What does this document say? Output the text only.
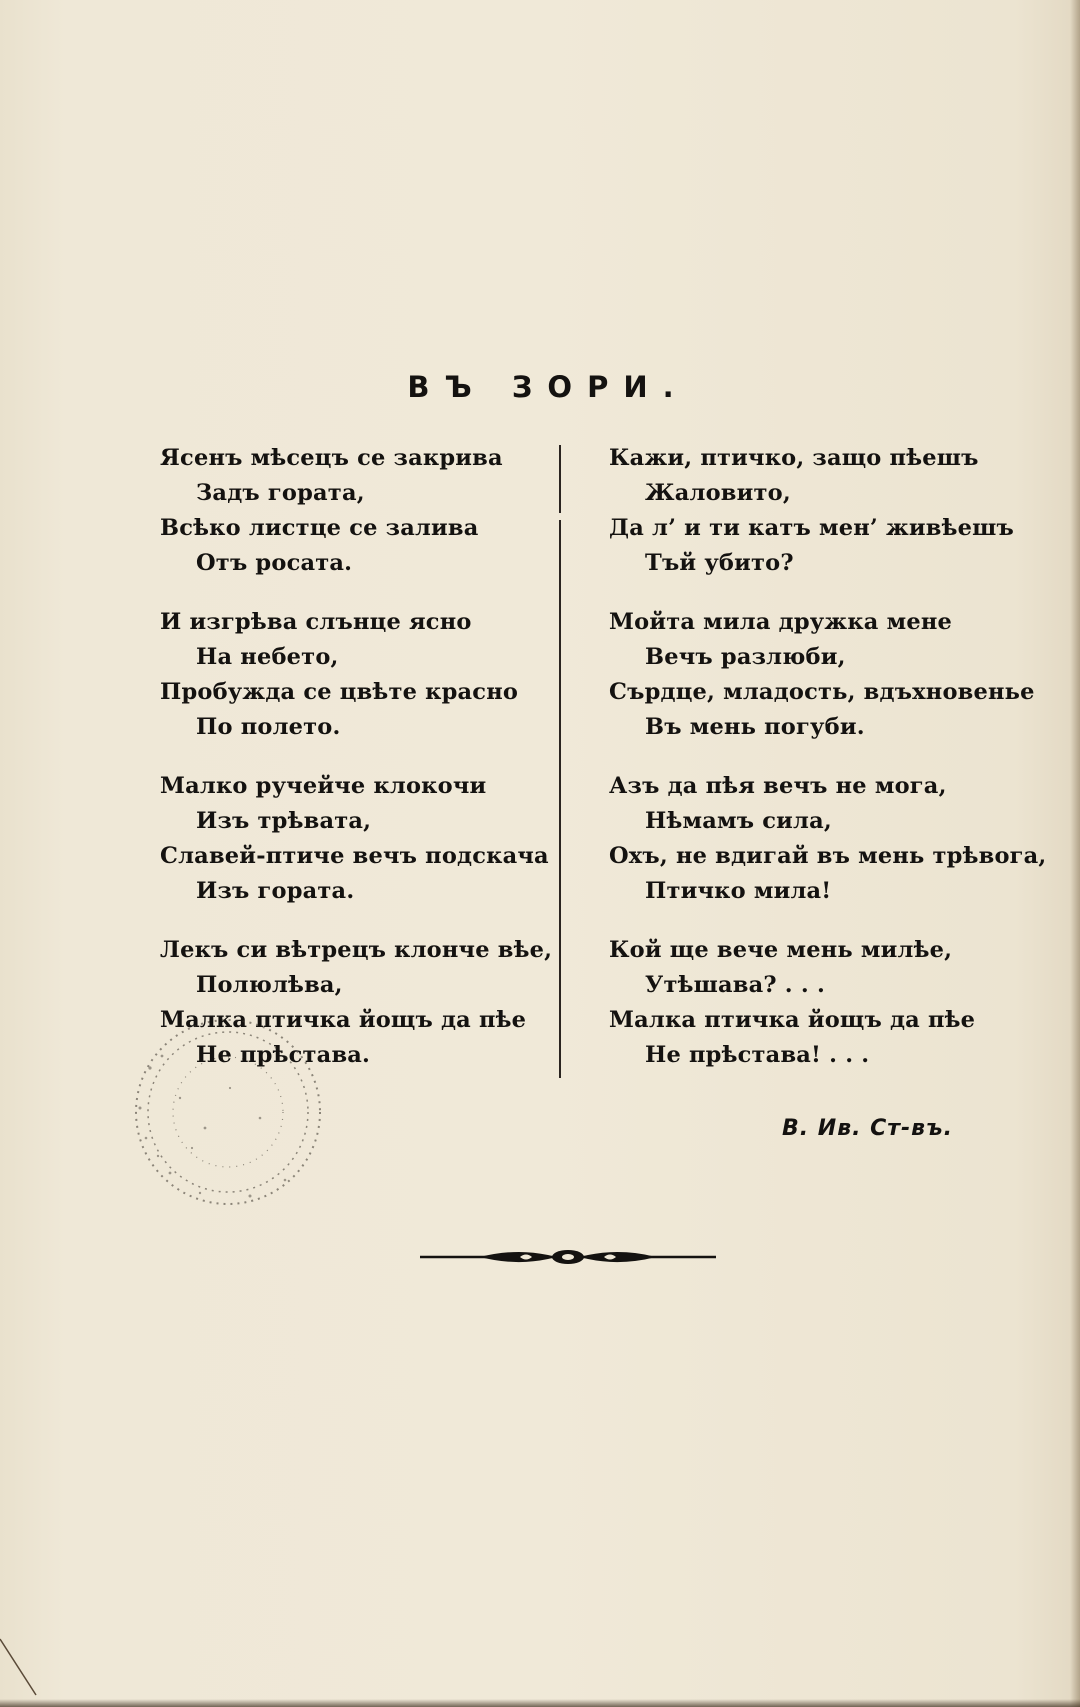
ВЪ ЗОРИ.
Ясенъ мѣсецъ се закрива
Задъ гората,
Всѣко листце се залива
Отъ росата.
И изгрѣва слънце ясно
На небето,
Пробужда се цвѣте красно
По полето.
Малко ручейче клокочи
Изъ трѣвата,
Славей-птиче вечъ подскача
Изъ гората.
Лекъ си вѣтрецъ клонче вѣе,
Полюлѣва,
Малка птичка йощъ да пѣе
Не прѣстава.
Кажи, птичко, защо пѣешъ
Жаловито,
Да л’ и ти катъ мен’ живѣешъ
Тъй убито?
Мойта мила дружка мене
Вечъ разлюби,
Сърдце, младость, вдъхновенье
Въ мень погуби.
Азъ да пѣя вечъ не мога,
Нѣмамъ сила,
Охъ, не вдигай въ мень трѣвога,
Птичко мила!
Кой ще вече мень милѣе,
Утѣшава? . . .
Малка птичка йощъ да пѣе
Не прѣстава! . . .
В. Ив. Ст-въ.
